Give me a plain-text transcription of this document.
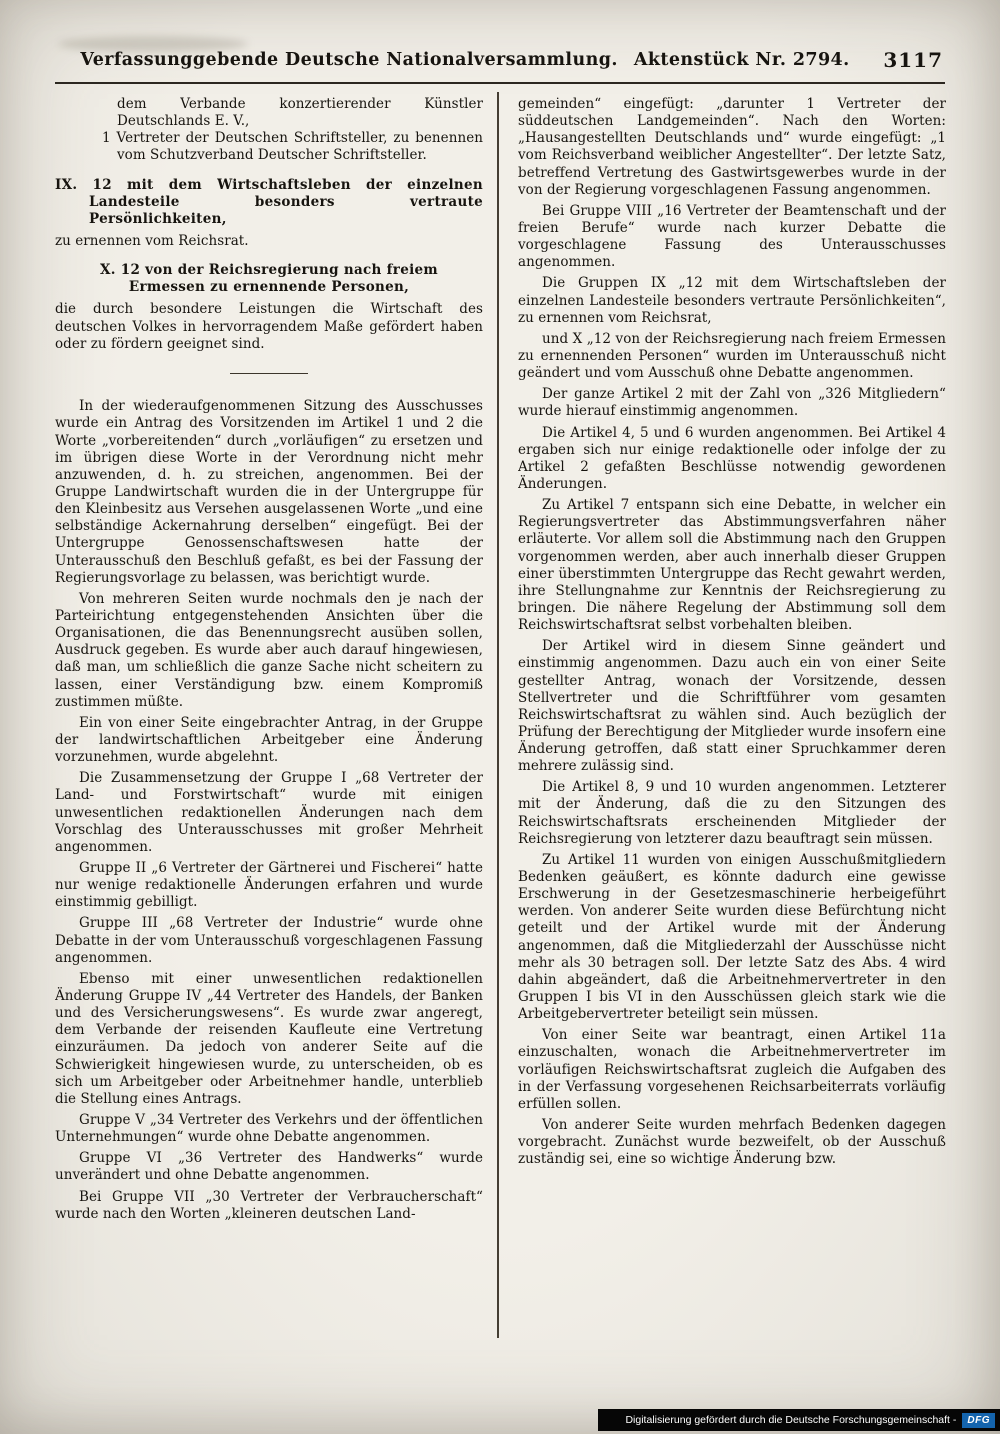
Verfassunggebende Deutsche Nationalversammlung. Aktenstück Nr. 2794.	3117

dem Verbande konzertierender Künstler Deutschlands E. V.,

1 Vertreter der Deutschen Schriftsteller, zu benennen vom Schutzverband Deutscher Schriftsteller.

IX. 12 mit dem Wirtschaftsleben der einzelnen Landesteile besonders vertraute Persönlichkeiten,

zu ernennen vom Reichsrat.

X. 12 von der Reichsregierung nach freiem Ermessen zu ernennende Personen,

die durch besondere Leistungen die Wirtschaft des deutschen Volkes in hervorragendem Maße gefördert haben oder zu fördern geeignet sind.

In der wiederaufgenommenen Sitzung des Ausschusses wurde ein Antrag des Vorsitzenden im Artikel 1 und 2 die Worte „vorbereitenden“ durch „vorläufigen“ zu ersetzen und im übrigen diese Worte in der Verordnung nicht mehr anzuwenden, d. h. zu streichen, angenommen. Bei der Gruppe Landwirtschaft wurden die in der Untergruppe für den Kleinbesitz aus Versehen ausgelassenen Worte „und eine selbständige Ackernahrung derselben“ eingefügt. Bei der Untergruppe Genossenschaftswesen hatte der Unterausschuß den Beschluß gefaßt, es bei der Fassung der Regierungsvorlage zu belassen, was berichtigt wurde.

Von mehreren Seiten wurde nochmals den je nach der Parteirichtung entgegenstehenden Ansichten über die Organisationen, die das Benennungsrecht ausüben sollen, Ausdruck gegeben. Es wurde aber auch darauf hingewiesen, daß man, um schließlich die ganze Sache nicht scheitern zu lassen, einer Verständigung bzw. einem Kompromiß zustimmen müßte.

Ein von einer Seite eingebrachter Antrag, in der Gruppe der landwirtschaftlichen Arbeitgeber eine Änderung vorzunehmen, wurde abgelehnt.

Die Zusammensetzung der Gruppe I „68 Vertreter der Land- und Forstwirtschaft“ wurde mit einigen unwesentlichen redaktionellen Änderungen nach dem Vorschlag des Unterausschusses mit großer Mehrheit angenommen.

Gruppe II „6 Vertreter der Gärtnerei und Fischerei“ hatte nur wenige redaktionelle Änderungen erfahren und wurde einstimmig gebilligt.

Gruppe III „68 Vertreter der Industrie“ wurde ohne Debatte in der vom Unterausschuß vorgeschlagenen Fassung angenommen.

Ebenso mit einer unwesentlichen redaktionellen Änderung Gruppe IV „44 Vertreter des Handels, der Banken und des Versicherungswesens“. Es wurde zwar angeregt, dem Verbande der reisenden Kaufleute eine Vertretung einzuräumen. Da jedoch von anderer Seite auf die Schwierigkeit hingewiesen wurde, zu unterscheiden, ob es sich um Arbeitgeber oder Arbeitnehmer handle, unterblieb die Stellung eines Antrags.

Gruppe V „34 Vertreter des Verkehrs und der öffentlichen Unternehmungen“ wurde ohne Debatte angenommen.

Gruppe VI „36 Vertreter des Handwerks“ wurde unverändert und ohne Debatte angenommen.

Bei Gruppe VII „30 Vertreter der Verbraucherschaft“ wurde nach den Worten „kleineren deutschen Land-

gemeinden“ eingefügt: „darunter 1 Vertreter der süddeutschen Landgemeinden“. Nach den Worten: „Hausangestellten Deutschlands und“ wurde eingefügt: „1 vom Reichsverband weiblicher Angestellter“. Der letzte Satz, betreffend Vertretung des Gastwirtsgewerbes wurde in der von der Regierung vorgeschlagenen Fassung angenommen.

Bei Gruppe VIII „16 Vertreter der Beamtenschaft und der freien Berufe“ wurde nach kurzer Debatte die vorgeschlagene Fassung des Unterausschusses angenommen.

Die Gruppen IX „12 mit dem Wirtschaftsleben der einzelnen Landesteile besonders vertraute Persönlichkeiten“, zu ernennen vom Reichsrat,

und X „12 von der Reichsregierung nach freiem Ermessen zu ernennenden Personen“ wurden im Unterausschuß nicht geändert und vom Ausschuß ohne Debatte angenommen.

Der ganze Artikel 2 mit der Zahl von „326 Mitgliedern“ wurde hierauf einstimmig angenommen.

Die Artikel 4, 5 und 6 wurden angenommen. Bei Artikel 4 ergaben sich nur einige redaktionelle oder infolge der zu Artikel 2 gefaßten Beschlüsse notwendig gewordenen Änderungen.

Zu Artikel 7 entspann sich eine Debatte, in welcher ein Regierungsvertreter das Abstimmungsverfahren näher erläuterte. Vor allem soll die Abstimmung nach den Gruppen vorgenommen werden, aber auch innerhalb dieser Gruppen einer überstimmten Untergruppe das Recht gewahrt werden, ihre Stellungnahme zur Kenntnis der Reichsregierung zu bringen. Die nähere Regelung der Abstimmung soll dem Reichswirtschaftsrat selbst vorbehalten bleiben.

Der Artikel wird in diesem Sinne geändert und einstimmig angenommen. Dazu auch ein von einer Seite gestellter Antrag, wonach der Vorsitzende, dessen Stellvertreter und die Schriftführer vom gesamten Reichswirtschaftsrat zu wählen sind. Auch bezüglich der Prüfung der Berechtigung der Mitglieder wurde insofern eine Änderung getroffen, daß statt einer Spruchkammer deren mehrere zulässig sind.

Die Artikel 8, 9 und 10 wurden angenommen. Letzterer mit der Änderung, daß die zu den Sitzungen des Reichswirtschaftsrats erscheinenden Mitglieder der Reichsregierung von letzterer dazu beauftragt sein müssen.

Zu Artikel 11 wurden von einigen Ausschußmitgliedern Bedenken geäußert, es könnte dadurch eine gewisse Erschwerung in der Gesetzesmaschinerie herbeigeführt werden. Von anderer Seite wurden diese Befürchtung nicht geteilt und der Artikel wurde mit der Änderung angenommen, daß die Mitgliederzahl der Ausschüsse nicht mehr als 30 betragen soll. Der letzte Satz des Abs. 4 wird dahin abgeändert, daß die Arbeitnehmervertreter in den Gruppen I bis VI in den Ausschüssen gleich stark wie die Arbeitgebervertreter beteiligt sein müssen.

Von einer Seite war beantragt, einen Artikel 11a einzuschalten, wonach die Arbeitnehmervertreter im vorläufigen Reichswirtschaftsrat zugleich die Aufgaben des in der Verfassung vorgesehenen Reichsarbeiterrats vorläufig erfüllen sollen.

Von anderer Seite wurden mehrfach Bedenken dagegen vorgebracht. Zunächst wurde bezweifelt, ob der Ausschuß zuständig sei, eine so wichtige Änderung bzw.

Digitalisierung gefördert durch die Deutsche Forschungsgemeinschaft -	DFG
